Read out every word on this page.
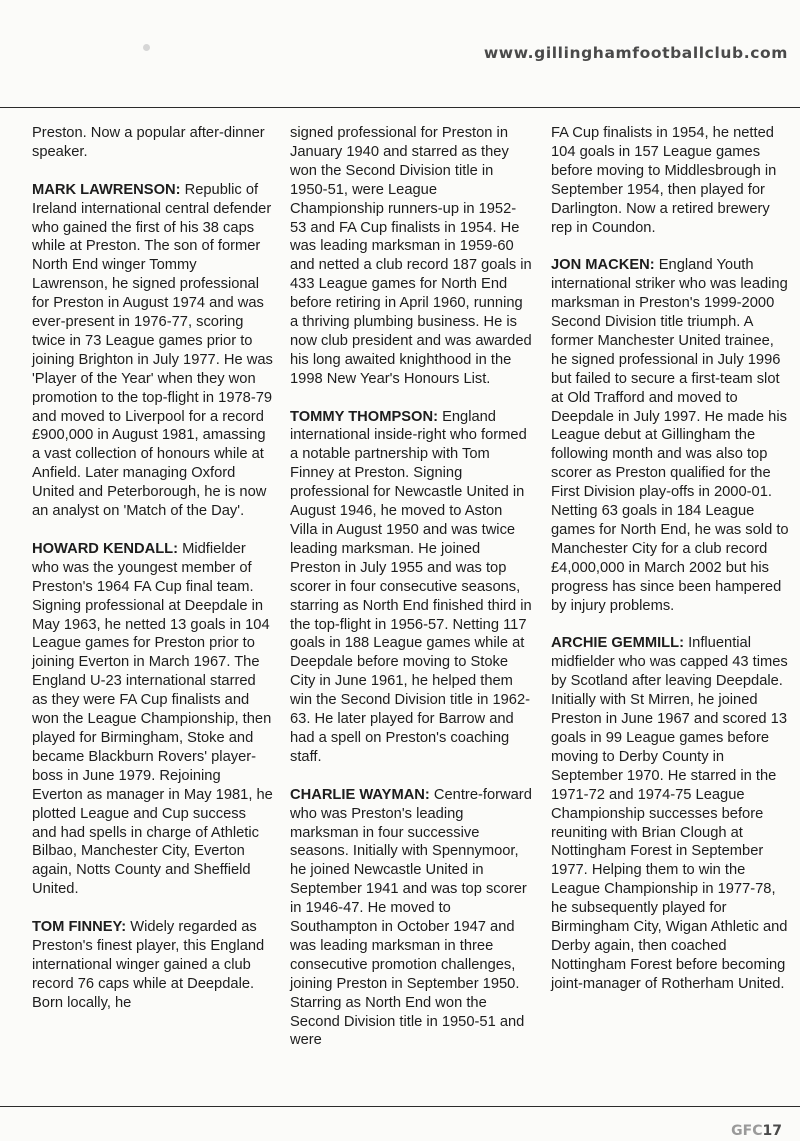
www.gillinghamfootballclub.com

Preston. Now a popular after-dinner speaker.

MARK LAWRENSON: Republic of Ireland international central defender who gained the first of his 38 caps while at Preston. The son of former North End winger Tommy Lawrenson, he signed professional for Preston in August 1974 and was ever-present in 1976-77, scoring twice in 73 League games prior to joining Brighton in July 1977. He was 'Player of the Year' when they won promotion to the top-flight in 1978-79 and moved to Liverpool for a record £900,000 in August 1981, amassing a vast collection of honours while at Anfield. Later managing Oxford United and Peterborough, he is now an analyst on 'Match of the Day'.

HOWARD KENDALL: Midfielder who was the youngest member of Preston's 1964 FA Cup final team. Signing professional at Deepdale in May 1963, he netted 13 goals in 104 League games for Preston prior to joining Everton in March 1967. The England U-23 international starred as they were FA Cup finalists and won the League Championship, then played for Birmingham, Stoke and became Blackburn Rovers' player-boss in June 1979. Rejoining Everton as manager in May 1981, he plotted League and Cup success and had spells in charge of Athletic Bilbao, Manchester City, Everton again, Notts County and Sheffield United.

TOM FINNEY: Widely regarded as Preston's finest player, this England international winger gained a club record 76 caps while at Deepdale. Born locally, he

signed professional for Preston in January 1940 and starred as they won the Second Division title in 1950-51, were League Championship runners-up in 1952-53 and FA Cup finalists in 1954. He was leading marksman in 1959-60 and netted a club record 187 goals in 433 League games for North End before retiring in April 1960, running a thriving plumbing business. He is now club president and was awarded his long awaited knighthood in the 1998 New Year's Honours List.

TOMMY THOMPSON: England international inside-right who formed a notable partnership with Tom Finney at Preston. Signing professional for Newcastle United in August 1946, he moved to Aston Villa in August 1950 and was twice leading marksman. He joined Preston in July 1955 and was top scorer in four consecutive seasons, starring as North End finished third in the top-flight in 1956-57. Netting 117 goals in 188 League games while at Deepdale before moving to Stoke City in June 1961, he helped them win the Second Division title in 1962-63. He later played for Barrow and had a spell on Preston's coaching staff.

CHARLIE WAYMAN: Centre-forward who was Preston's leading marksman in four successive seasons. Initially with Spennymoor, he joined Newcastle United in September 1941 and was top scorer in 1946-47. He moved to Southampton in October 1947 and was leading marksman in three consecutive promotion challenges, joining Preston in September 1950. Starring as North End won the Second Division title in 1950-51 and were

FA Cup finalists in 1954, he netted 104 goals in 157 League games before moving to Middlesbrough in September 1954, then played for Darlington. Now a retired brewery rep in Coundon.

JON MACKEN: England Youth international striker who was leading marksman in Preston's 1999-2000 Second Division title triumph. A former Manchester United trainee, he signed professional in July 1996 but failed to secure a first-team slot at Old Trafford and moved to Deepdale in July 1997. He made his League debut at Gillingham the following month and was also top scorer as Preston qualified for the First Division play-offs in 2000-01. Netting 63 goals in 184 League games for North End, he was sold to Manchester City for a club record £4,000,000 in March 2002 but his progress has since been hampered by injury problems.

ARCHIE GEMMILL: Influential midfielder who was capped 43 times by Scotland after leaving Deepdale. Initially with St Mirren, he joined Preston in June 1967 and scored 13 goals in 99 League games before moving to Derby County in September 1970. He starred in the 1971-72 and 1974-75 League Championship successes before reuniting with Brian Clough at Nottingham Forest in September 1977. Helping them to win the League Championship in 1977-78, he subsequently played for Birmingham City, Wigan Athletic and Derby again, then coached Nottingham Forest before becoming joint-manager of Rotherham United.

GFC17
